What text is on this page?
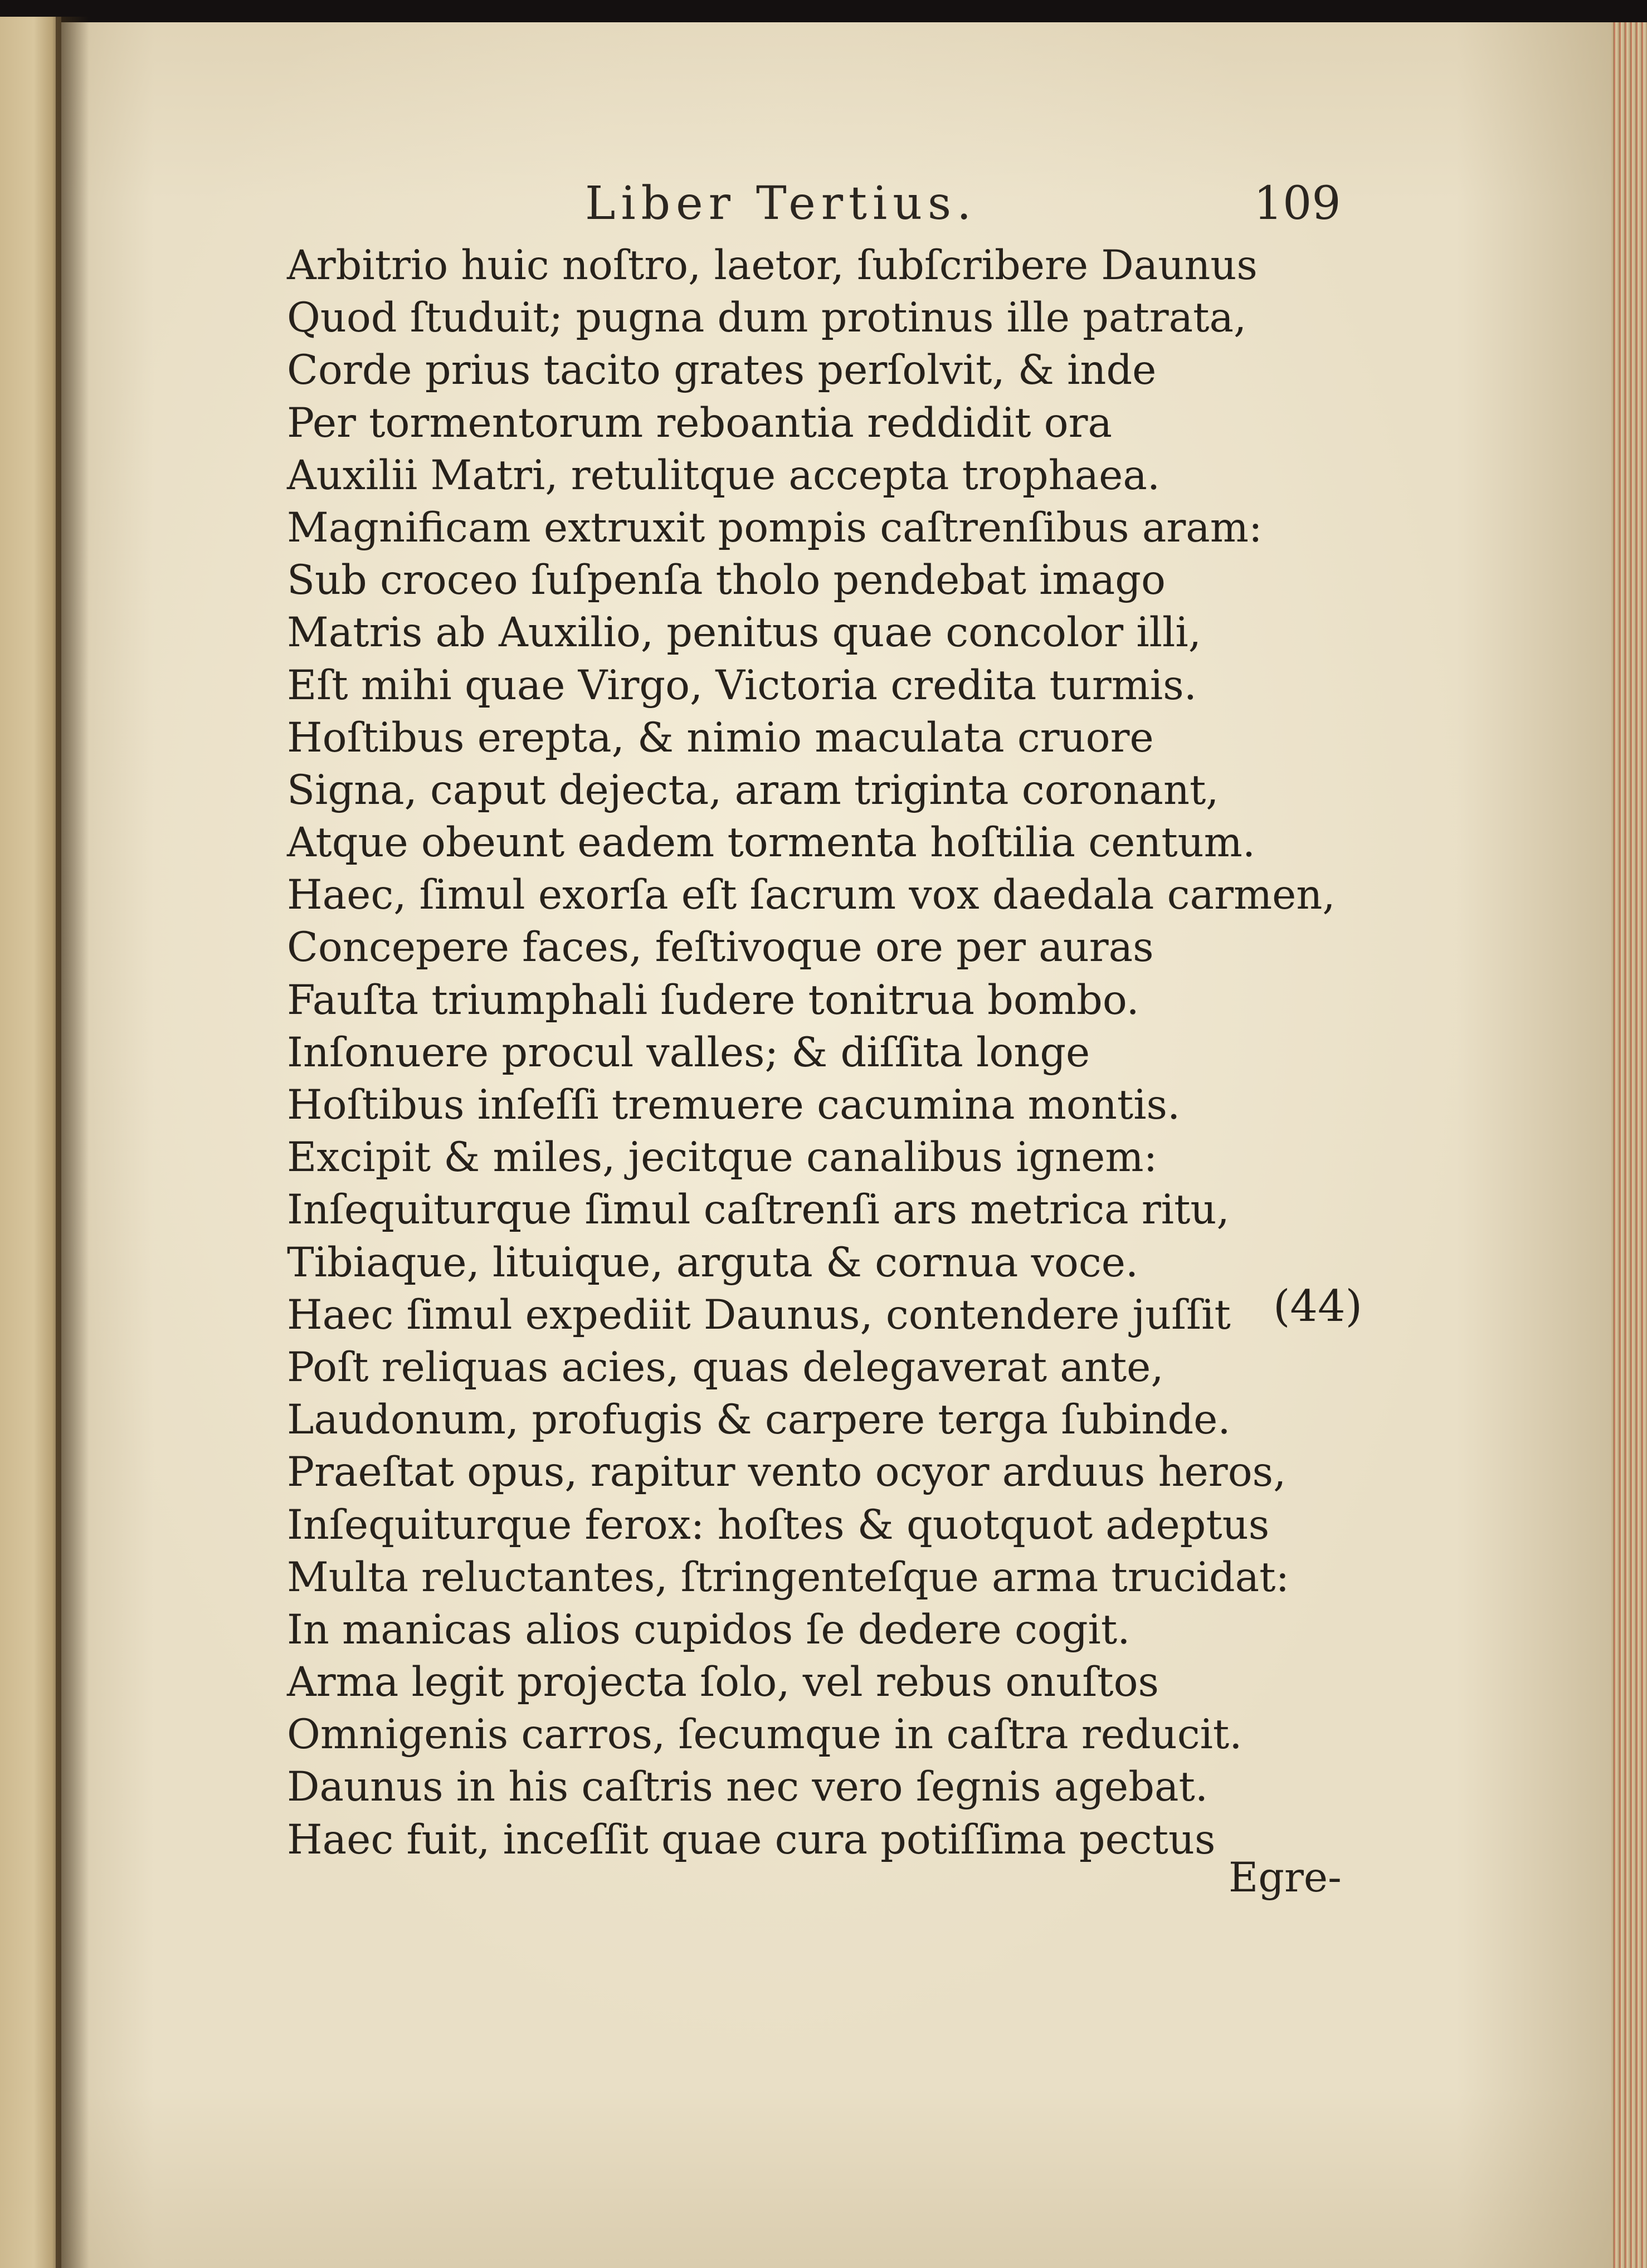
Liber Tertius.	109
Arbitrio huic noſtro, laetor, ſubſcribere Daunus
Quod ſtuduit; pugna dum protinus ille patrata,
Corde prius tacito grates perſolvit, & inde
Per tormentorum reboantia reddidit ora
Auxilii Matri, retulitque accepta trophaea.
Magnificam extruxit pompis caſtrenſibus aram:
Sub croceo ſuſpenſa tholo pendebat imago
Matris ab Auxilio, penitus quae concolor illi,
Eſt mihi quae Virgo, Victoria credita turmis.
Hoſtibus erepta, & nimio maculata cruore
Signa, caput dejecta, aram triginta coronant,
Atque obeunt eadem tormenta hoſtilia centum.
Haec, ſimul exorſa eſt ſacrum vox daedala carmen,
Concepere faces, feſtivoque ore per auras
Fauſta triumphali ſudere tonitrua bombo.
Inſonuere procul valles; & diſſita longe
Hoſtibus inſeſſi tremuere cacumina montis.
Excipit & miles, jecitque canalibus ignem:
Inſequiturque ſimul caſtrenſi ars metrica ritu,
Tibiaque, lituique, arguta & cornua voce.
Haec ſimul expediit Daunus, contendere juſſit
Poſt reliquas acies, quas delegaverat ante,
Laudonum, profugis & carpere terga ſubinde.
Praeſtat opus, rapitur vento ocyor arduus heros,
Inſequiturque ferox: hoſtes & quotquot adeptus
Multa reluctantes, ſtringenteſque arma trucidat:
In manicas alios cupidos ſe dedere cogit.
Arma legit projecta ſolo, vel rebus onuſtos
Omnigenis carros, ſecumque in caſtra reducit.
Daunus in his caſtris nec vero ſegnis agebat.
Haec fuit, inceſſit quae cura potiſſima pectus
(44)
Egre-
